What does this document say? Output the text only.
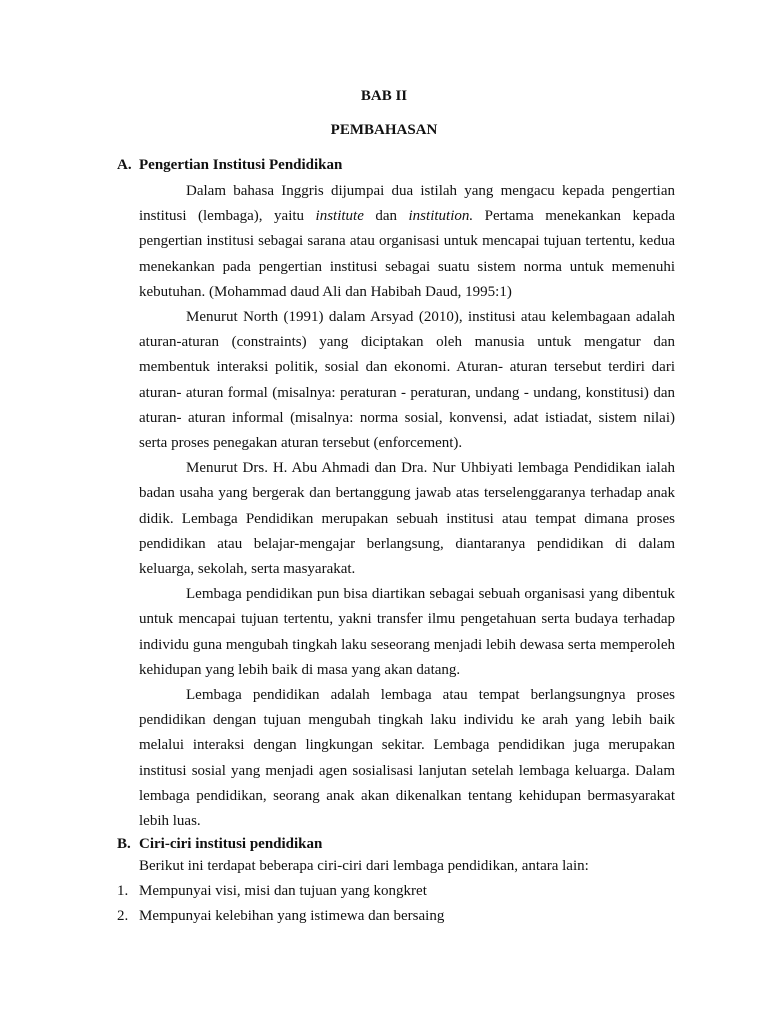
BAB II
PEMBAHASAN
A. Pengertian Institusi Pendidikan

Dalam bahasa Inggris dijumpai dua istilah yang mengacu kepada pengertian institusi (lembaga), yaitu institute dan institution. Pertama menekankan kepada pengertian institusi sebagai sarana atau organisasi untuk mencapai tujuan tertentu, kedua menekankan pada pengertian institusi sebagai suatu sistem norma untuk memenuhi kebutuhan. (Mohammad daud Ali dan Habibah Daud, 1995:1)

Menurut North (1991) dalam Arsyad (2010), institusi atau kelembagaan adalah aturan-aturan (constraints) yang diciptakan oleh manusia untuk mengatur dan membentuk interaksi politik, sosial dan ekonomi. Aturan- aturan tersebut terdiri dari aturan- aturan formal (misalnya: peraturan - peraturan, undang - undang, konstitusi) dan aturan- aturan informal (misalnya: norma sosial, konvensi, adat istiadat, sistem nilai) serta proses penegakan aturan tersebut (enforcement).

Menurut Drs. H. Abu Ahmadi dan Dra. Nur Uhbiyati lembaga Pendidikan ialah badan usaha yang bergerak dan bertanggung jawab atas terselenggaranya terhadap anak didik. Lembaga Pendidikan merupakan sebuah institusi atau tempat dimana proses pendidikan atau belajar-mengajar berlangsung, diantaranya pendidikan di dalam keluarga, sekolah, serta masyarakat.

Lembaga pendidikan pun bisa diartikan sebagai sebuah organisasi yang dibentuk untuk mencapai tujuan tertentu, yakni transfer ilmu pengetahuan serta budaya terhadap individu guna mengubah tingkah laku seseorang menjadi lebih dewasa serta memperoleh kehidupan yang lebih baik di masa yang akan datang.

Lembaga pendidikan adalah lembaga atau tempat berlangsungnya proses pendidikan dengan tujuan mengubah tingkah laku individu ke arah yang lebih baik melalui interaksi dengan lingkungan sekitar. Lembaga pendidikan juga merupakan institusi sosial yang menjadi agen sosialisasi lanjutan setelah lembaga keluarga. Dalam lembaga pendidikan, seorang anak akan dikenalkan tentang kehidupan bermasyarakat lebih luas.

B. Ciri-ciri institusi pendidikan
Berikut ini terdapat beberapa ciri-ciri dari lembaga pendidikan, antara lain:
1. Mempunyai visi, misi dan tujuan yang kongkret
2. Mempunyai kelebihan yang istimewa dan bersaing
